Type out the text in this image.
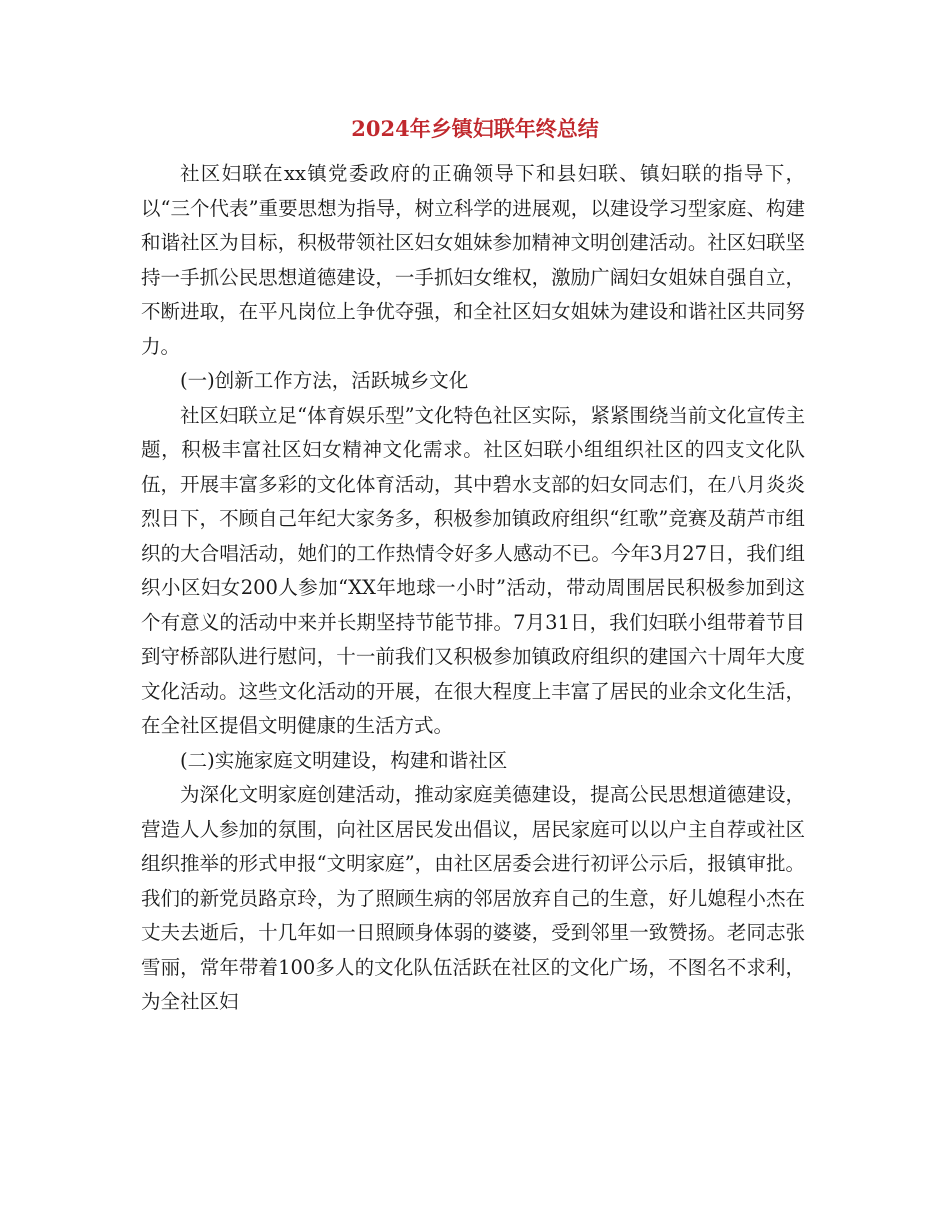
2024年乡镇妇联年终总结

社区妇联在xx镇党委政府的正确领导下和县妇联、镇妇联的指导下，以“三个代表”重要思想为指导，树立科学的进展观，以建设学习型家庭、构建和谐社区为目标，积极带领社区妇女姐妹参加精神文明创建活动。社区妇联坚持一手抓公民思想道德建设，一手抓妇女维权，激励广阔妇女姐妹自强自立，不断进取，在平凡岗位上争优夺强，和全社区妇女姐妹为建设和谐社区共同努力。

(一)创新工作方法，活跃城乡文化

社区妇联立足“体育娱乐型”文化特色社区实际，紧紧围绕当前文化宣传主题，积极丰富社区妇女精神文化需求。社区妇联小组组织社区的四支文化队伍，开展丰富多彩的文化体育活动，其中碧水支部的妇女同志们，在八月炎炎烈日下，不顾自己年纪大家务多，积极参加镇政府组织“红歌”竞赛及葫芦市组织的大合唱活动，她们的工作热情令好多人感动不已。今年3月27日，我们组织小区妇女200人参加“XX年地球一小时”活动，带动周围居民积极参加到这个有意义的活动中来并长期坚持节能节排。7月31日，我们妇联小组带着节目到守桥部队进行慰问，十一前我们又积极参加镇政府组织的建国六十周年大度文化活动。这些文化活动的开展，在很大程度上丰富了居民的业余文化生活，在全社区提倡文明健康的生活方式。

(二)实施家庭文明建设，构建和谐社区

为深化文明家庭创建活动，推动家庭美德建设，提高公民思想道德建设，营造人人参加的氛围，向社区居民发出倡议，居民家庭可以以户主自荐或社区组织推举的形式申报“文明家庭”，由社区居委会进行初评公示后，报镇审批。我们的新党员路京玲，为了照顾生病的邻居放弃自己的生意，好儿媳程小杰在丈夫去逝后，十几年如一日照顾身体弱的婆婆，受到邻里一致赞扬。老同志张雪丽，常年带着100多人的文化队伍活跃在社区的文化广场，不图名不求利，为全社区妇
